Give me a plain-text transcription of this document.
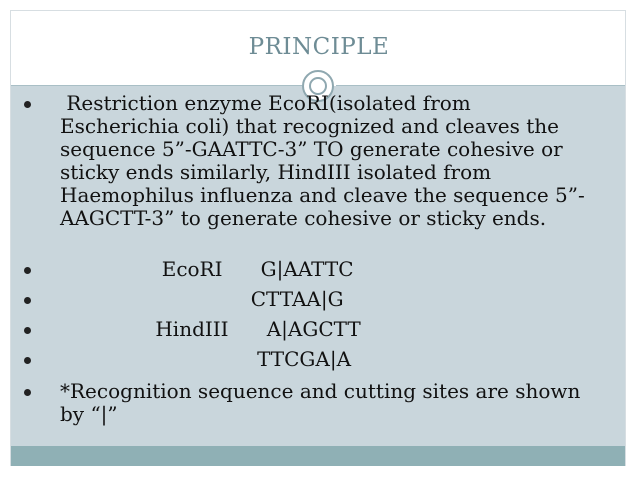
PRINCIPLE
Restriction enzyme EcoRI(isolated from
Escherichia coli) that recognized and cleaves the
sequence 5”-GAATTC-3” TO generate cohesive or
sticky ends similarly, HindIII isolated from
Haemophilus influenza and cleave the sequence 5”-
AAGCTT-3” to generate cohesive or sticky ends.
EcoRI      G|AATTC
CTTAA|G
HindIII      A|AGCTT
TTCGA|A
*Recognition sequence and cutting sites are shown
by “|”
